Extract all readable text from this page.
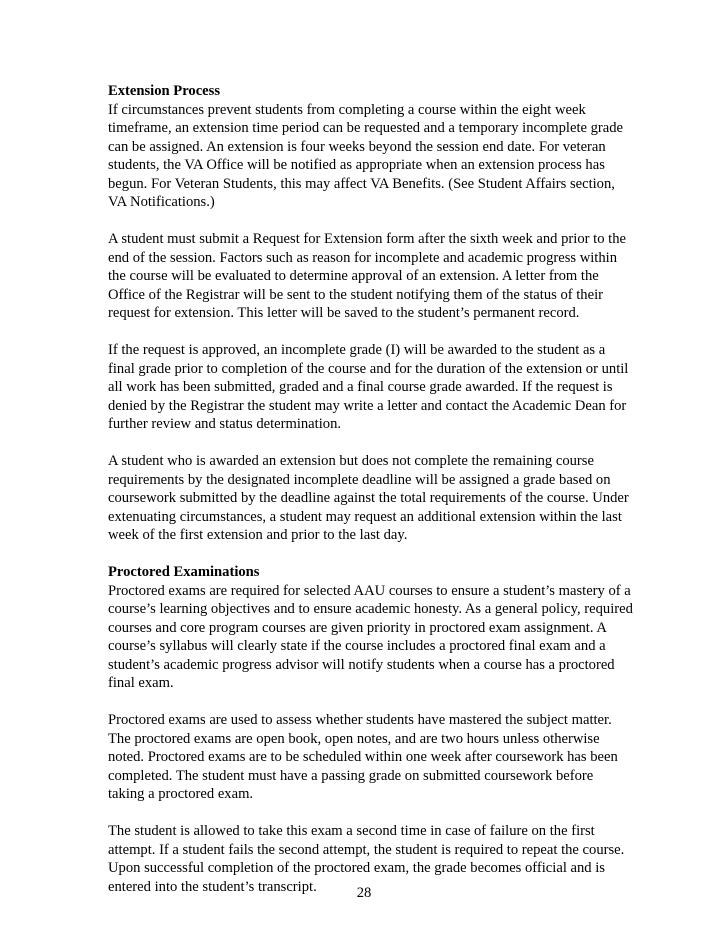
Extension Process

If circumstances prevent students from completing a course within the eight week timeframe, an extension time period can be requested and a temporary incomplete grade can be assigned. An extension is four weeks beyond the session end date. For veteran students, the VA Office will be notified as appropriate when an extension process has begun. For Veteran Students, this may affect VA Benefits. (See Student Affairs section, VA Notifications.)

A student must submit a Request for Extension form after the sixth week and prior to the end of the session. Factors such as reason for incomplete and academic progress within the course will be evaluated to determine approval of an extension. A letter from the Office of the Registrar will be sent to the student notifying them of the status of their request for extension. This letter will be saved to the student’s permanent record.

If the request is approved, an incomplete grade (I) will be awarded to the student as a final grade prior to completion of the course and for the duration of the extension or until all work has been submitted, graded and a final course grade awarded. If the request is denied by the Registrar the student may write a letter and contact the Academic Dean for further review and status determination.

A student who is awarded an extension but does not complete the remaining course requirements by the designated incomplete deadline will be assigned a grade based on coursework submitted by the deadline against the total requirements of the course. Under extenuating circumstances, a student may request an additional extension within the last week of the first extension and prior to the last day.

Proctored Examinations

Proctored exams are required for selected AAU courses to ensure a student’s mastery of a course’s learning objectives and to ensure academic honesty. As a general policy, required courses and core program courses are given priority in proctored exam assignment. A course’s syllabus will clearly state if the course includes a proctored final exam and a student’s academic progress advisor will notify students when a course has a proctored final exam.

Proctored exams are used to assess whether students have mastered the subject matter. The proctored exams are open book, open notes, and are two hours unless otherwise noted. Proctored exams are to be scheduled within one week after coursework has been completed. The student must have a passing grade on submitted coursework before taking a proctored exam.

The student is allowed to take this exam a second time in case of failure on the first attempt. If a student fails the second attempt, the student is required to repeat the course. Upon successful completion of the proctored exam, the grade becomes official and is entered into the student’s transcript.	28
